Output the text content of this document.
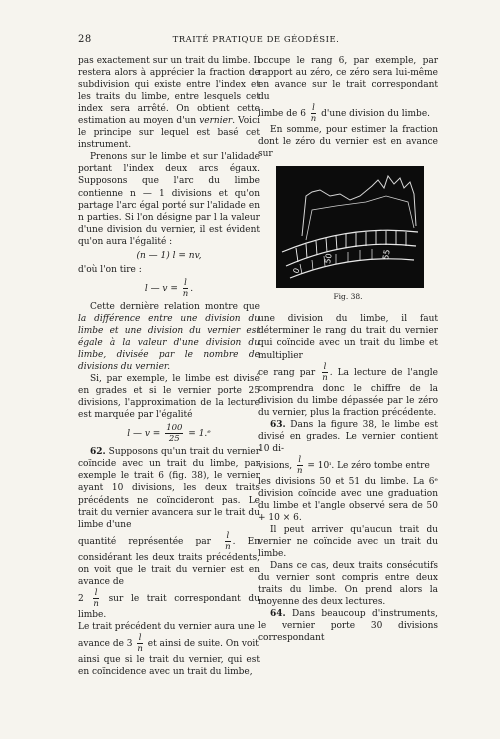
28	TRAITÉ PRATIQUE DE GÉODÉSIE.

pas exactement sur un trait du limbe. Il restera alors à apprécier la fraction de subdivision qui existe entre l'index et les traits du limbe, entre lesquels cet index sera arrêté. On obtient cette estimation au moyen d'un vernier. Voici le principe sur lequel est basé cet instrument.

Prenons sur le limbe et sur l'alidade portant l'index deux arcs égaux. Supposons que l'arc du limbe contienne n — 1 divisions et qu'on partage l'arc égal porté sur l'alidade en n parties. Si l'on désigne par l la valeur d'une division du vernier, il est évident qu'on aura l'égalité :

(n — 1) l = nv,

d'où l'on tire :

l — $v = \frac{l}{n}$ .

Cette dernière relation montre que la différence entre une division du limbe et une division du vernier est égale à la valeur d'une division du limbe, divisée par le nombre de divisions du vernier.

Si, par exemple, le limbe est divisé en grades et si le vernier porte 25 divisions, l'approximation de la lecture est marquée par l'égalité

l — $v = \frac{100}{25}$ = 1.ᵉ

62. Supposons qu'un trait du vernier coïncide avec un trait du limbe, par exemple le trait 6 (fig. 38), le vernier ayant 10 divisions, les deux traits précédents ne coïncideront pas. Le trait du vernier avancera sur le trait du limbe d'une

quantité représentée par $\frac{l}{n}$ . En considérant les deux traits précédents, on voit que le trait du vernier est en avance de

$2 \frac{l}{n}$ sur le trait correspondant du limbe.

Le trait précédent du vernier aura une

avance de $3 \frac{l}{n}$ et ainsi de suite. On voit

ainsi que si le trait du vernier, qui est en coïncidence avec un trait du limbe,

occupe le rang 6, par exemple, par rapport au zéro, ce zéro sera lui-même en avance sur le trait correspondant du

limbe de $6 \frac{l}{n} d'une$ division du limbe.

En somme, pour estimer la fraction dont le zéro du vernier est en avance sur

0
50	55
Fig. 38.

une division du limbe, il faut déterminer le rang du trait du vernier qui coïncide avec un trait du limbe et multiplier

ce rang par $\frac{l}{n}$ . La lecture de l'angle comprendra donc le chiffre de la division du limbe dépassée par le zéro du vernier, plus la fraction précédente.

63. Dans la figure 38, le limbe est divisé en grades. Le vernier contient 10 di-

visions, $\frac{l}{n}$ = 10ᶦ. Le zéro tombe entre

les divisions 50 et 51 du limbe. La 6ᵉ division coïncide avec une graduation du limbe et l'angle observé sera de 50 + 10 × 6.

Il peut arriver qu'aucun trait du vernier ne coïncide avec un trait du limbe.

Dans ce cas, deux traits consécutifs du vernier sont compris entre deux traits du limbe. On prend alors la moyenne des deux lectures.

64. Dans beaucoup d'instruments, le vernier porte 30 divisions correspondant
